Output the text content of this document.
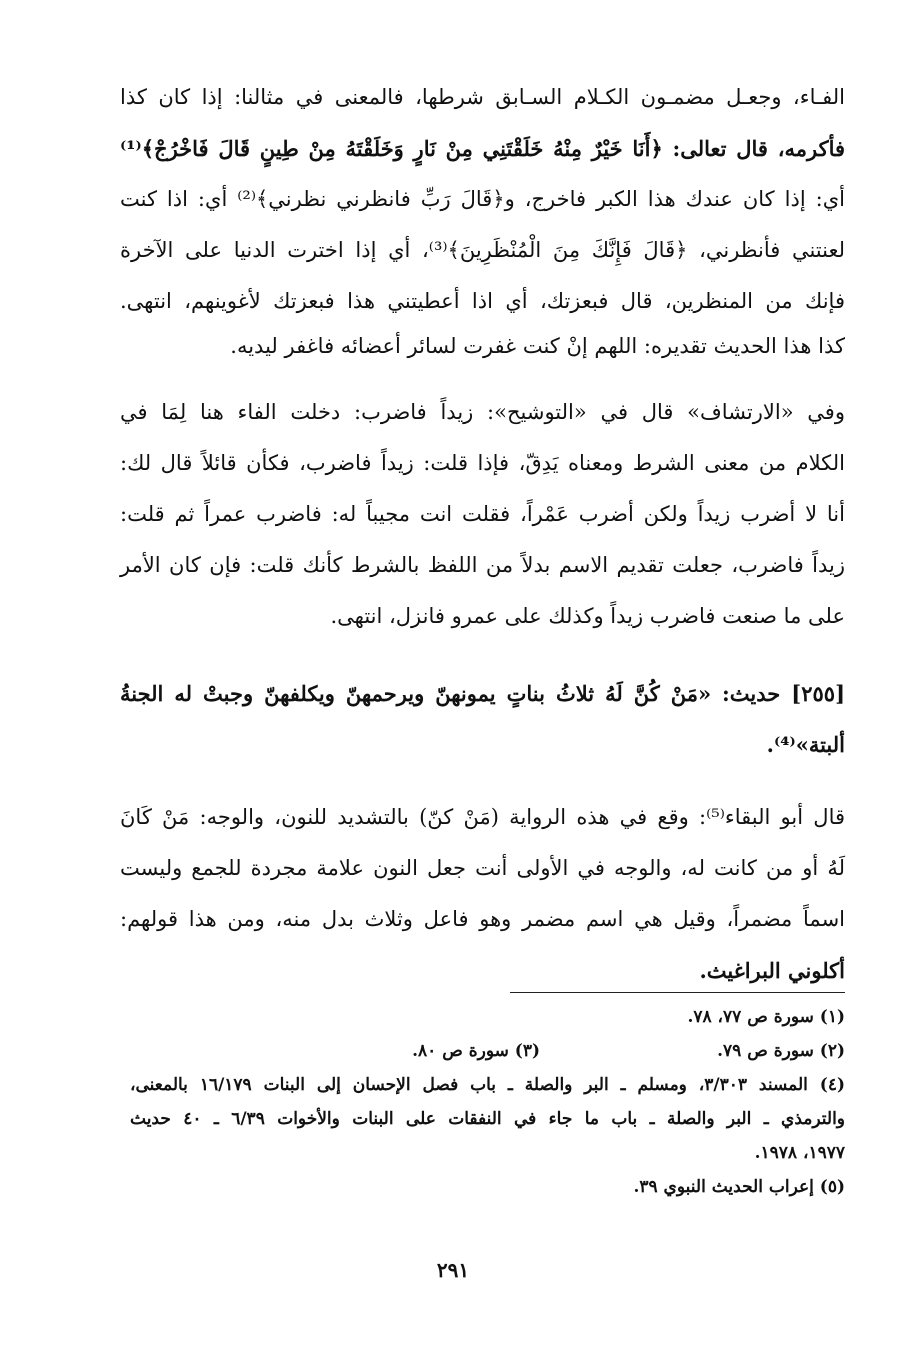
الفـاء، وجعـل مضمـون الكـلام السـابق شرطها، فالمعنى في مثالنا: إذا كان كذا
فأكرمه، قال تعالى: ﴿أَنَا خَيْرٌ مِنْهُ خَلَقْتَنِي مِنْ نَارٍ وَخَلَقْتَهُ مِنْ طِينٍ قَالَ فَاخْرُجْ﴾⁽¹⁾
أي: إذا كان عندك هذا الكبر فاخرج، و﴿قَالَ رَبِّ فانظرني نظرني﴾⁽²⁾ أي: اذا كنت
لعنتني فأنظرني، ﴿قَالَ فَإِنَّكَ مِنَ الْمُنْظَرِينَ﴾⁽³⁾، أي إذا اخترت الدنيا على الآخرة
فإنك من المنظرين، قال فبعزتك، أي اذا أعطيتني هذا فبعزتك لأغوينهم، انتهى.
كذا هذا الحديث تقديره: اللهم إنْ كنت غفرت لسائر أعضائه فاغفر ليديه.
وفي «الارتشاف» قال في «التوشيح»: زيداً فاضرب: دخلت الفاء هنا لِمَا في
الكلام من معنى الشرط ومعناه يَدِقّ، فإذا قلت: زيداً فاضرب، فكأن قائلاً قال لك:
أنا لا أضرب زيداً ولكن أضرب عَمْراً، فقلت انت مجيباً له: فاضرب عمراً ثم قلت:
زيداً فاضرب، جعلت تقديم الاسم بدلاً من اللفظ بالشرط كأنك قلت: فإن كان الأمر
على ما صنعت فاضرب زيداً وكذلك على عمرو فانزل، انتهى.
[٢٥٥] حديث: «مَنْ كُنَّ لَهُ ثلاثُ بناتٍ يمونهنّ ويرحمهنّ ويكلفهنّ وجبتْ له الجنةُ
ألبتة»⁽⁴⁾.
قال أبو البقاء⁽⁵⁾: وقع في هذه الرواية (مَنْ كنّ) بالتشديد للنون، والوجه: مَنْ كَانَ
لَهُ أو من كانت له، والوجه في الأولى أنت جعل النون علامة مجردة للجمع وليست
اسماً مضمراً، وقيل هي اسم مضمر وهو فاعل وثلاث بدل منه، ومن هذا قولهم:
أكلوني البراغيث.
(١) سورة ص ٧٧، ٧٨.
(٢) سورة ص ٧٩.
(٣) سورة ص ٨٠.
(٤) المسند ٣/٣٠٣، ومسلم ـ البر والصلة ـ باب فصل الإحسان إلى البنات ١٦/١٧٩ بالمعنى،
والترمذي ـ البر والصلة ـ باب ما جاء في النفقات على البنات والأخوات ٦/٣٩ ـ ٤٠ حديث
١٩٧٧، ١٩٧٨.
(٥) إعراب الحديث النبوي ٣٩.
٢٩١
